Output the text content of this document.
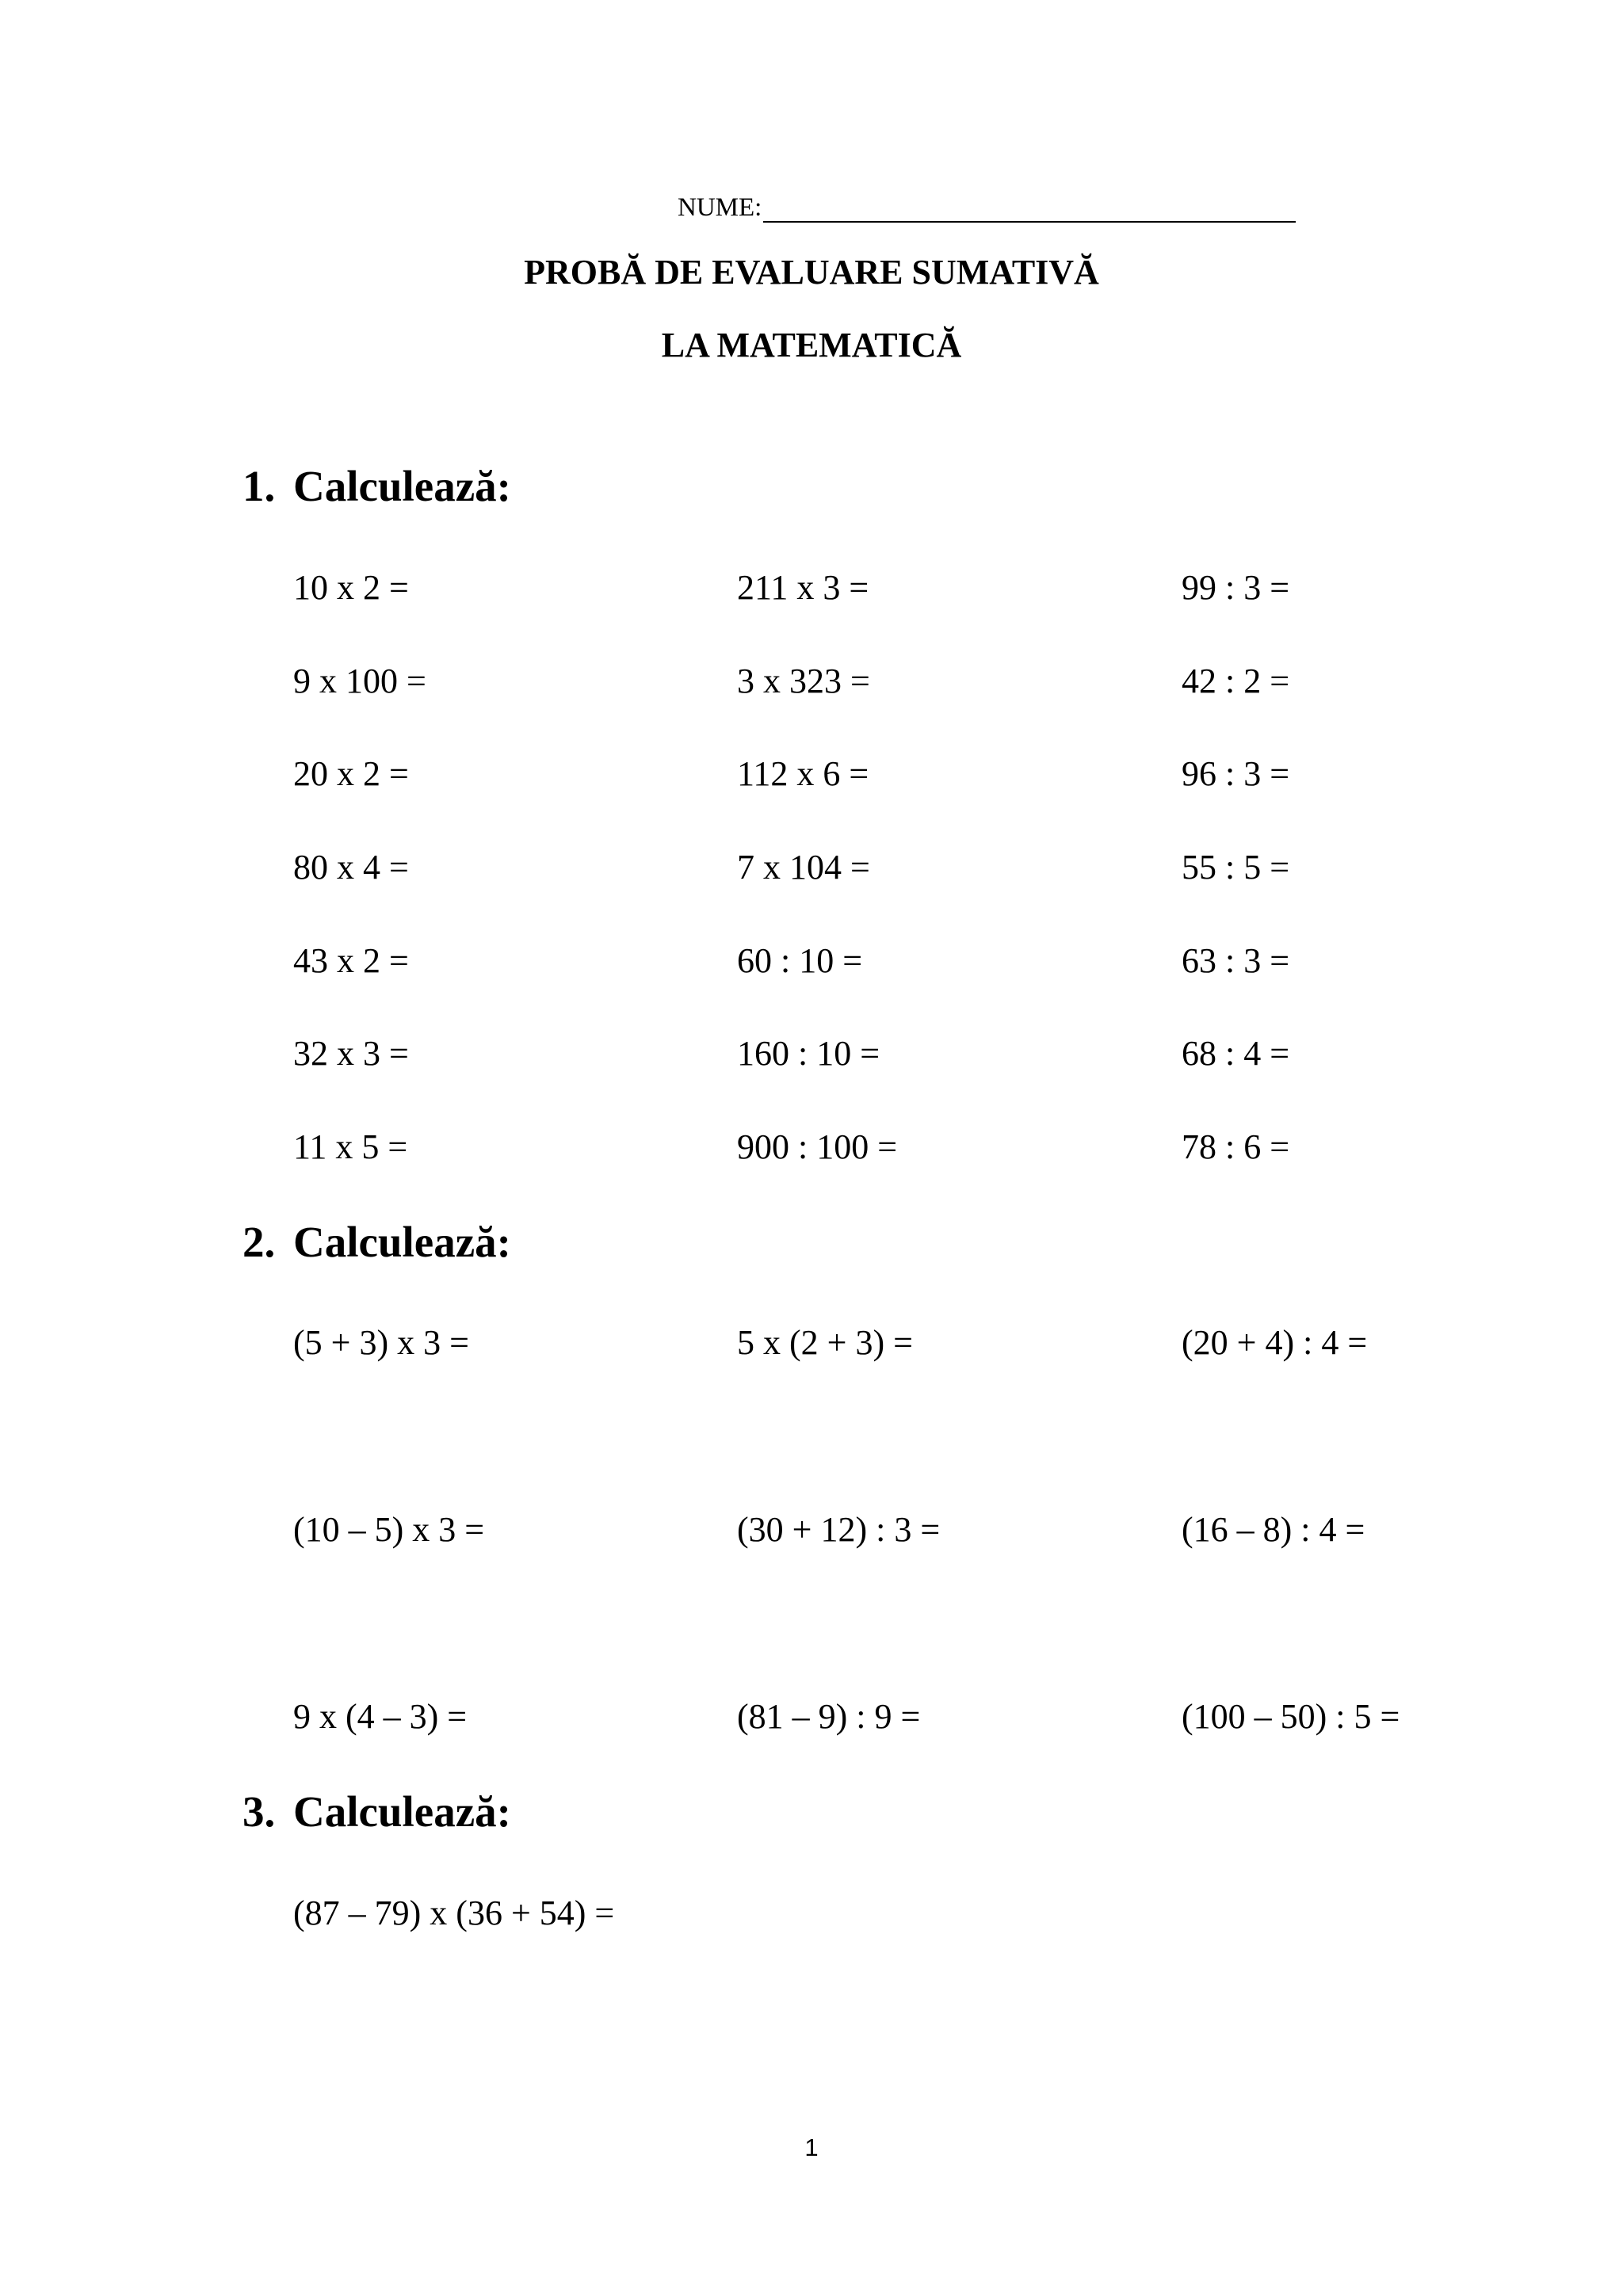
NUME:
PROBĂ DE EVALUARE SUMATIVĂ
LA MATEMATICĂ
1. Calculează:
10 x 2 =	211 x 3 =	99 : 3 =
9 x 100 =	3 x 323 =	42 : 2 =
20 x 2 =	112 x 6 =	96 : 3 =
80 x 4 =	7 x 104 =	55 : 5 =
43 x 2 =	60 : 10 =	63 : 3 =
32 x 3 =	160 : 10 =	68 : 4 =
11 x 5 =	900 : 100 =	78 : 6 =
2. Calculează:
(5 + 3) x 3 =	5 x (2 + 3) =	(20 + 4) : 4 =
(10 – 5) x 3 =	(30 + 12) : 3 =	(16 – 8) : 4 =
9 x (4 – 3) =	(81 – 9) : 9 =	(100 – 50) : 5 =
3. Calculează:
(87 – 79) x (36 + 54) =
1
